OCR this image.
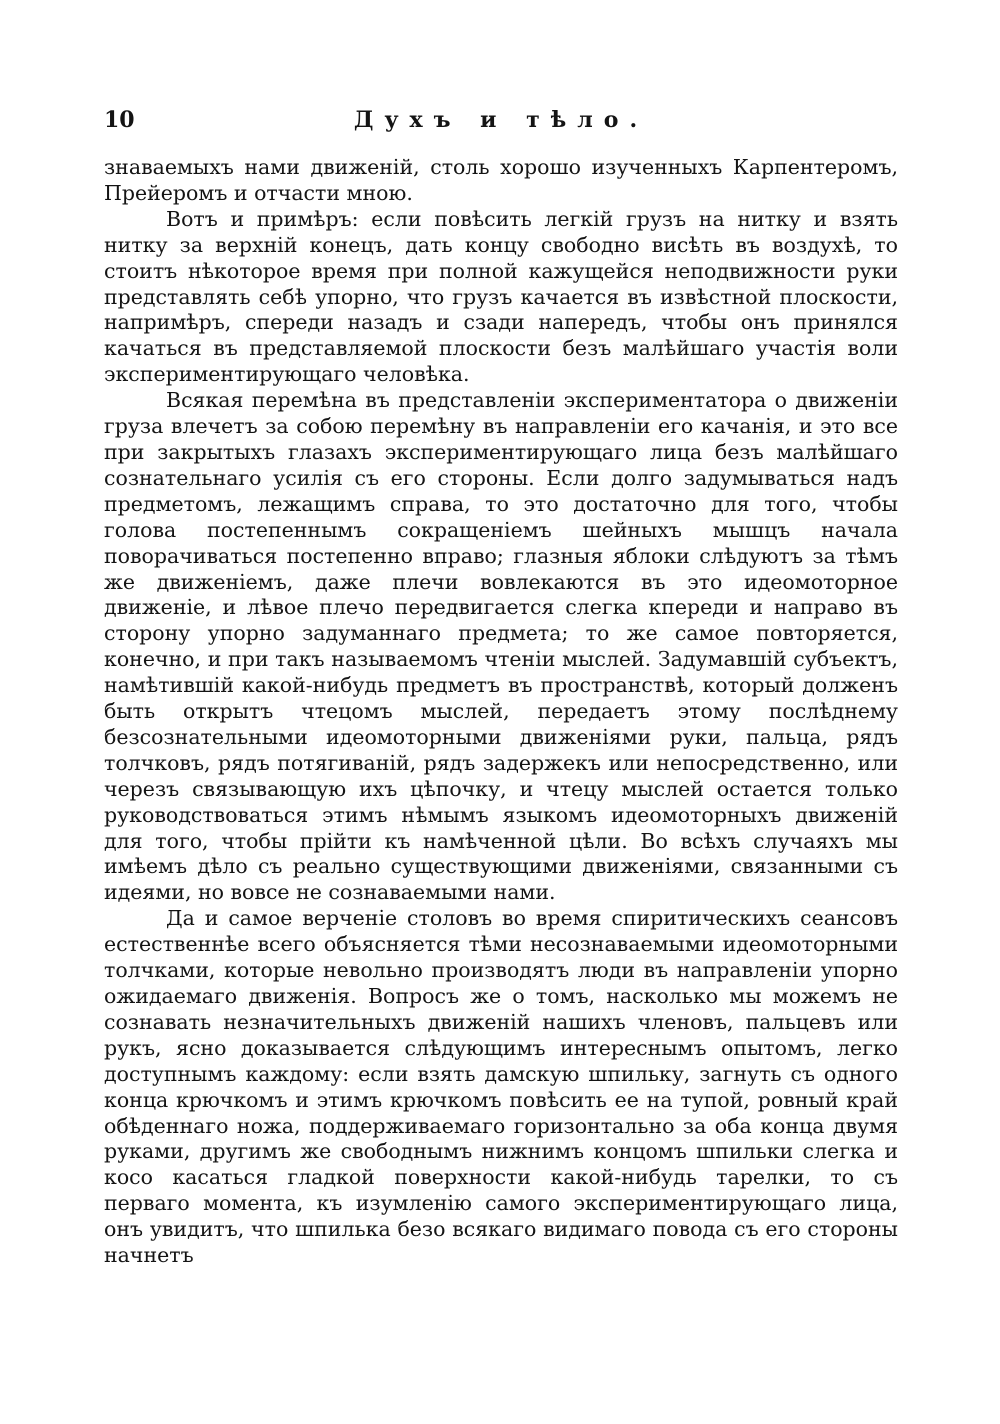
10	Духъ и тѣло.

знаваемыхъ нами движеній, столь хорошо изученныхъ Карпентеромъ, Прейеромъ и отчасти мною.

Вотъ и примѣръ: если повѣсить легкій грузъ на нитку и взять нитку за верхній конецъ, дать концу свободно висѣть въ воздухѣ, то стоитъ нѣкоторое время при полной кажущейся неподвижности руки представлять себѣ упорно, что грузъ качается въ извѣстной плоскости, напримѣръ, спереди назадъ и сзади напередъ, чтобы онъ принялся качаться въ представляемой плоскости безъ малѣйшаго участія воли экспериментирующаго человѣка.

Всякая перемѣна въ представленіи экспериментатора о движеніи груза влечетъ за собою перемѣну въ направленіи его качанія, и это все при закрытыхъ глазахъ экспериментирующаго лица безъ малѣйшаго сознательнаго усилія съ его стороны. Если долго задумываться надъ предметомъ, лежащимъ справа, то это достаточно для того, чтобы голова постепеннымъ сокращеніемъ шейныхъ мышцъ начала поворачиваться постепенно вправо; глазныя яблоки слѣдуютъ за тѣмъ же движеніемъ, даже плечи вовлекаются въ это идеомоторное движеніе, и лѣвое плечо передвигается слегка кпереди и направо въ сторону упорно задуманнаго предмета; то же самое повторяется, конечно, и при такъ называемомъ чтеніи мыслей. Задумавшій субъектъ, намѣтившій какой-нибудь предметъ въ пространствѣ, который долженъ быть открытъ чтецомъ мыслей, передаетъ этому послѣднему безсознательными идеомоторными движеніями руки, пальца, рядъ толчковъ, рядъ потягиваній, рядъ задержекъ или непосредственно, или черезъ связывающую ихъ цѣпочку, и чтецу мыслей остается только руководствоваться этимъ нѣмымъ языкомъ идеомоторныхъ движеній для того, чтобы прійти къ намѣченной цѣли. Во всѣхъ случаяхъ мы имѣемъ дѣло съ реально существующими движеніями, связанными съ идеями, но вовсе не сознаваемыми нами.

Да и самое верченіе столовъ во время спиритическихъ сеансовъ естественнѣе всего объясняется тѣми несознаваемыми идеомоторными толчками, которые невольно производятъ люди въ направленіи упорно ожидаемаго движенія. Вопросъ же о томъ, насколько мы можемъ не сознавать незначительныхъ движеній нашихъ членовъ, пальцевъ или рукъ, ясно доказывается слѣдующимъ интереснымъ опытомъ, легко доступнымъ каждому: если взять дамскую шпильку, загнуть съ одного конца крючкомъ и этимъ крючкомъ повѣсить ее на тупой, ровный край обѣденнаго ножа, поддерживаемаго горизонтально за оба конца двумя руками, другимъ же свободнымъ нижнимъ концомъ шпильки слегка и косо касаться гладкой поверхности какой-нибудь тарелки, то съ перваго момента, къ изумленію самого экспериментирующаго лица, онъ увидитъ, что шпилька безо всякаго видимаго повода съ его стороны начнетъ
